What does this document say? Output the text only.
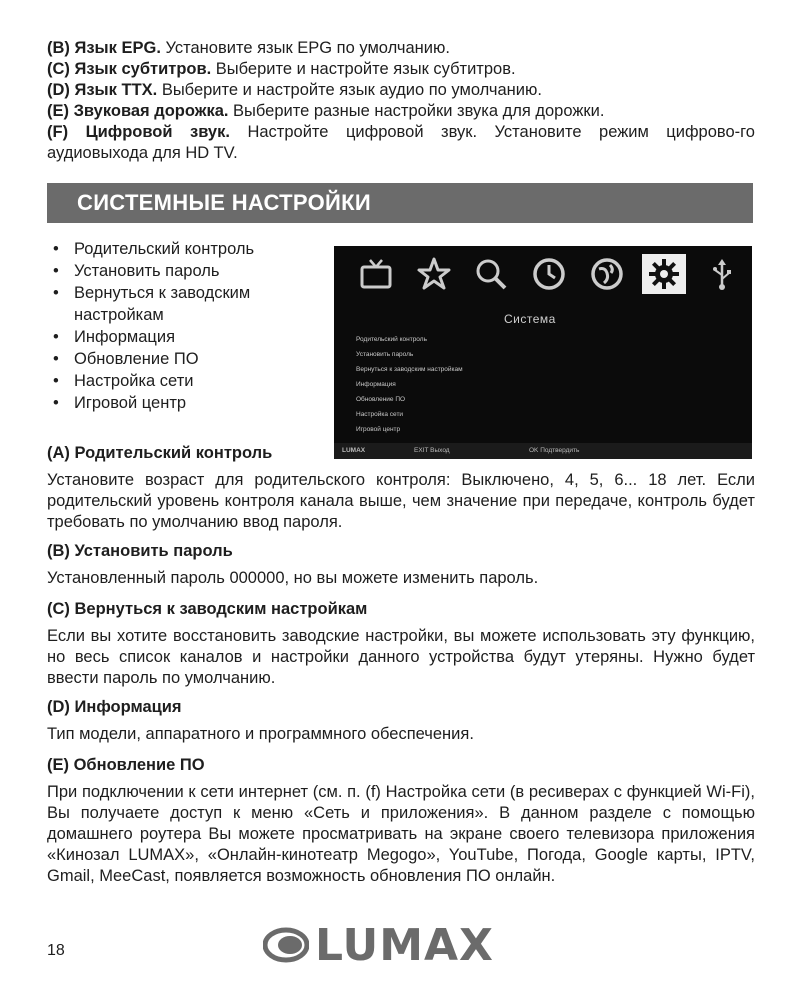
(B) Язык EPG. Установите язык EPG по умолчанию.

(C) Язык субтитров. Выберите и настройте язык субтитров.

(D) Язык ТТХ. Выберите и настройте язык аудио по умолчанию.

(E) Звуковая дорожка. Выберите разные настройки звука для дорожки.

(F) Цифровой звук. Настройте цифровой звук. Установите режим цифрово-го аудиовыхода для HD TV.

СИСТЕМНЫЕ НАСТРОЙКИ
• Родительский контроль
• Установить пароль
• Вернуться к заводским настройкам
• Информация
• Обновление ПО
• Настройка сети
• Игровой центр
Система
Родительский контроль
Установить пароль
Вернуться к заводским настройкам
Информация
Обновление ПО
Настройка сети
Игровой центр
LUMAX	EXIT Выход	OK Подтвердить

(A) Родительский контроль

Установите возраст для родительского контроля: Выключено, 4, 5, 6... 18 лет. Если родительский уровень контроля канала выше, чем значение при передаче, контроль будет требовать по умолчанию ввод пароля.

(B) Установить пароль

Установленный пароль 000000, но вы можете изменить пароль.

(C) Вернуться к заводским настройкам

Если вы хотите восстановить заводские настройки, вы можете использовать эту функцию, но весь список каналов и настройки данного устройства будут утеряны. Нужно будет ввести пароль по умолчанию.

(D) Информация

Тип модели, аппаратного и программного обеспечения.

(E) Обновление ПО

При подключении к сети интернет (см. п. (f) Настройка сети (в ресиверах с функцией Wi-Fi), Вы получаете доступ к меню «Сеть и приложения». В данном разделе с помощью домашнего роутера Вы можете просматривать на экране своего телевизора приложения «Кинозал LUMAX», «Онлайн-кинотеатр Megogo», YouTube, Погода, Google карты, IPTV, Gmail, MeeCast, появляется возможность обновления ПО онлайн.

18	LUMAX
